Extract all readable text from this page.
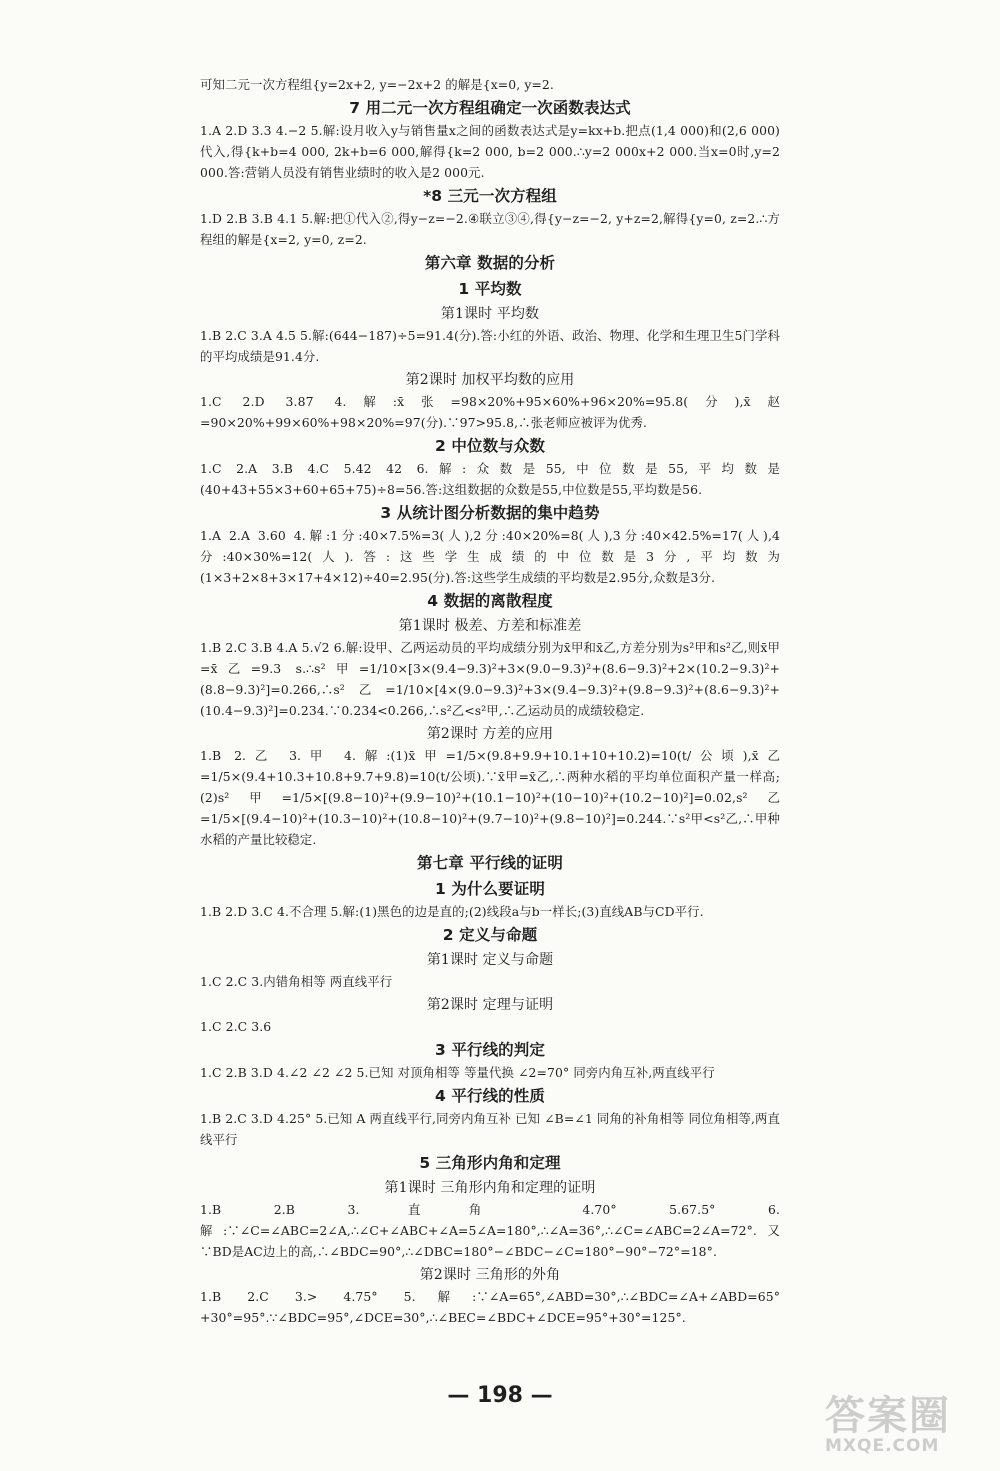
可知二元一次方程组{y=2x+2, y=−2x+2 的解是{x=0, y=2.

7 用二元一次方程组确定一次函数表达式

1.A 2.D 3.3 4.−2 5.解:设月收入y与销售量x之间的函数表达式是y=kx+b.把点(1,4 000)和(2,6 000)代入,得{k+b=4 000, 2k+b=6 000,解得{k=2 000, b=2 000.∴y=2 000x+2 000.当x=0时,y=2 000.答:营销人员没有销售业绩时的收入是2 000元.

*8 三元一次方程组

1.D 2.B 3.B 4.1 5.解:把①代入②,得y−z=−2.④联立③④,得{y−z=−2, y+z=2,解得{y=0, z=2.∴方程组的解是{x=2, y=0, z=2.

第六章 数据的分析
1 平均数
第1课时 平均数

1.B 2.C 3.A 4.5 5.解:(644−187)÷5=91.4(分).答:小红的外语、政治、物理、化学和生理卫生5门学科的平均成绩是91.4分.

第2课时 加权平均数的应用

1.C 2.D 3.87 4.解:x̄张=98×20%+95×60%+96×20%=95.8(分),x̄赵=90×20%+99×60%+98×20%=97(分).∵97>95.8,∴张老师应被评为优秀.

2 中位数与众数

1.C 2.A 3.B 4.C 5.42 42 6.解:众数是55,中位数是55,平均数是(40+43+55×3+60+65+75)÷8=56.答:这组数据的众数是55,中位数是55,平均数是56.

3 从统计图分析数据的集中趋势

1.A 2.A 3.60 4.解:1分:40×7.5%=3(人),2分:40×20%=8(人),3分:40×42.5%=17(人),4分:40×30%=12(人).答:这些学生成绩的中位数是3分,平均数为(1×3+2×8+3×17+4×12)÷40=2.95(分).答:这些学生成绩的平均数是2.95分,众数是3分.

4 数据的离散程度
第1课时 极差、方差和标准差

1.B 2.C 3.B 4.A 5.√2 6.解:设甲、乙两运动员的平均成绩分别为x̄甲和x̄乙,方差分别为s²甲和s²乙,则x̄甲=x̄乙=9.3 s.∴s²甲=1/10×[3×(9.4−9.3)²+3×(9.0−9.3)²+(8.6−9.3)²+2×(10.2−9.3)²+(8.8−9.3)²]=0.266,∴s²乙=1/10×[4×(9.0−9.3)²+3×(9.4−9.3)²+(9.8−9.3)²+(8.6−9.3)²+(10.4−9.3)²]=0.234.∵0.234<0.266,∴s²乙<s²甲,∴乙运动员的成绩较稳定.

第2课时 方差的应用

1.B 2.乙 3.甲 4.解:(1)x̄甲=1/5×(9.8+9.9+10.1+10+10.2)=10(t/公顷),x̄乙=1/5×(9.4+10.3+10.8+9.7+9.8)=10(t/公顷).∵x̄甲=x̄乙,∴两种水稻的平均单位面积产量一样高;(2)s²甲=1/5×[(9.8−10)²+(9.9−10)²+(10.1−10)²+(10−10)²+(10.2−10)²]=0.02,s²乙=1/5×[(9.4−10)²+(10.3−10)²+(10.8−10)²+(9.7−10)²+(9.8−10)²]=0.244.∵s²甲<s²乙,∴甲种水稻的产量比较稳定.

第七章 平行线的证明
1 为什么要证明

1.B 2.D 3.C 4.不合理 5.解:(1)黑色的边是直的;(2)线段a与b一样长;(3)直线AB与CD平行.

2 定义与命题
第1课时 定义与命题

1.C 2.C 3.内错角相等 两直线平行

第2课时 定理与证明

1.C 2.C 3.6

3 平行线的判定

1.C 2.B 3.D 4.∠2 ∠2 ∠2 5.已知 对顶角相等 等量代换 ∠2=70° 同旁内角互补,两直线平行

4 平行线的性质

1.B 2.C 3.D 4.25° 5.已知 A 两直线平行,同旁内角互补 已知 ∠B=∠1 同角的补角相等 同位角相等,两直线平行

5 三角形内角和定理
第1课时 三角形内角和定理的证明

1.B 2.B 3.直角 4.70° 5.67.5° 6.解:∵∠C=∠ABC=2∠A,∴∠C+∠ABC+∠A=5∠A=180°,∴∠A=36°,∴∠C=∠ABC=2∠A=72°.又∵BD是AC边上的高,∴∠BDC=90°,∴∠DBC=180°−∠BDC−∠C=180°−90°−72°=18°.

第2课时 三角形的外角

1.B 2.C 3.> 4.75° 5.解:∵∠A=65°,∠ABD=30°,∴∠BDC=∠A+∠ABD=65°+30°=95°.∵∠BDC=95°,∠DCE=30°,∴∠BEC=∠BDC+∠DCE=95°+30°=125°.

— 198 —	答案圈
MXQE.COM
